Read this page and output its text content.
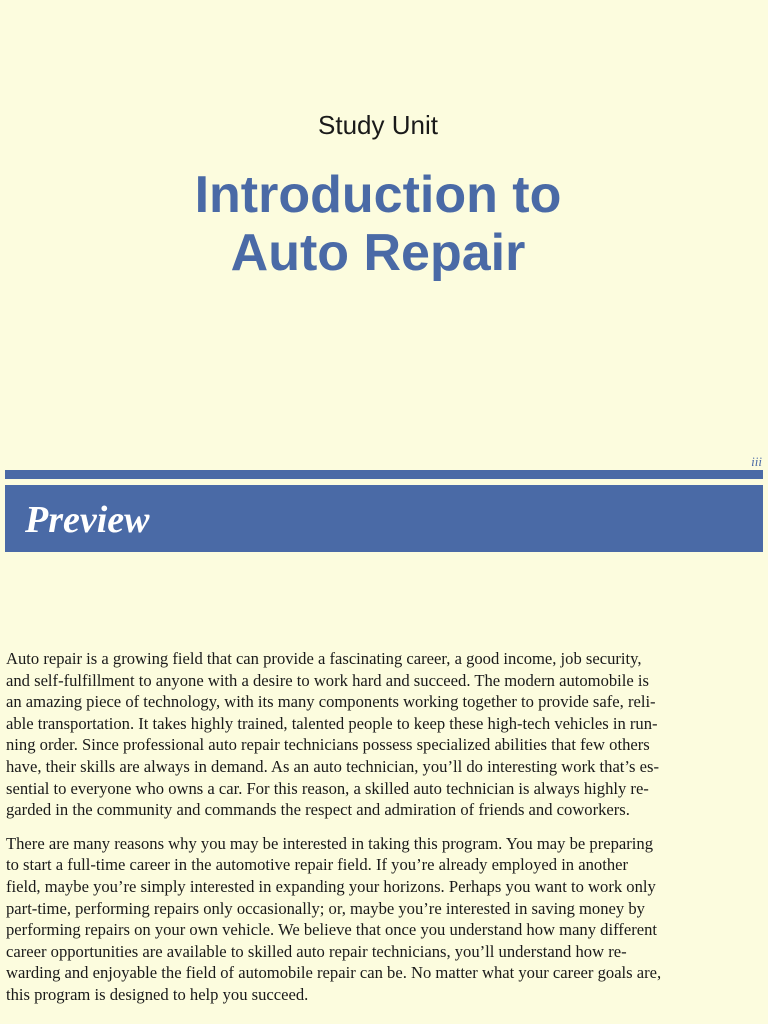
Study Unit
Introduction to
Auto Repair
iii
Preview

Auto repair is a growing field that can provide a fascinating career, a good income, job security,
and self-fulfillment to anyone with a desire to work hard and succeed. The modern automobile is
an amazing piece of technology, with its many components working together to provide safe, reli-
able transportation. It takes highly trained, talented people to keep these high-tech vehicles in run-
ning order. Since professional auto repair technicians possess specialized abilities that few others
have, their skills are always in demand. As an auto technician, you’ll do interesting work that’s es-
sential to everyone who owns a car. For this reason, a skilled auto technician is always highly re-
garded in the community and commands the respect and admiration of friends and coworkers.

There are many reasons why you may be interested in taking this program. You may be preparing
to start a full-time career in the automotive repair field. If you’re already employed in another
field, maybe you’re simply interested in expanding your horizons. Perhaps you want to work only
part-time, performing repairs only occasionally; or, maybe you’re interested in saving money by
performing repairs on your own vehicle. We believe that once you understand how many different
career opportunities are available to skilled auto repair technicians, you’ll understand how re-
warding and enjoyable the field of automobile repair can be. No matter what your career goals are,
this program is designed to help you succeed.
